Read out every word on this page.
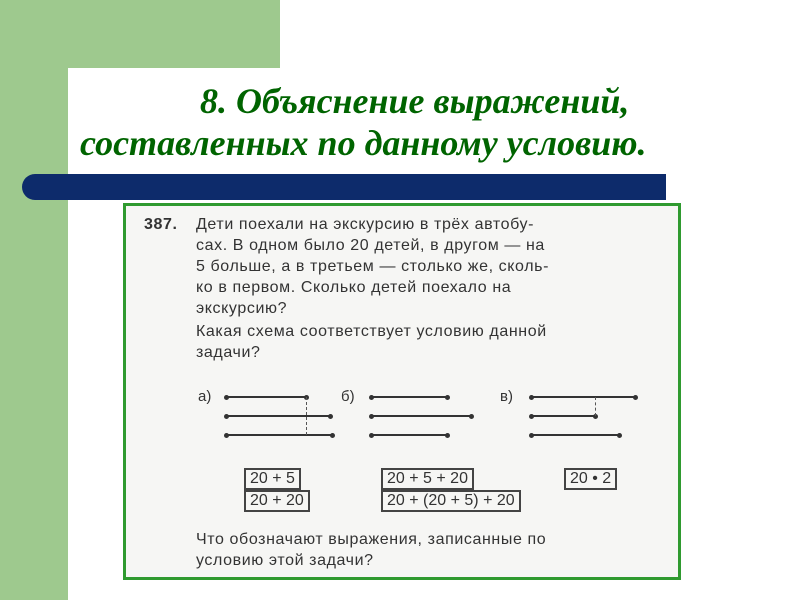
8. Объяснение выражений,
составленных по данному условию.
387. Дети поехали на экскурсию в трёх автобу-
сах. В одном было 20 детей, в другом — на
5 больше, а в третьем — столько же, сколь-
ко в первом. Сколько детей поехало на
экскурсию?
Какая схема соответствует условию данной
задачи?
а)	б)	в)
20 + 5
20 + 20
20 + 5 + 20
20 + (20 + 5) + 20
20 • 2
Что обозначают выражения, записанные по
условию этой задачи?
